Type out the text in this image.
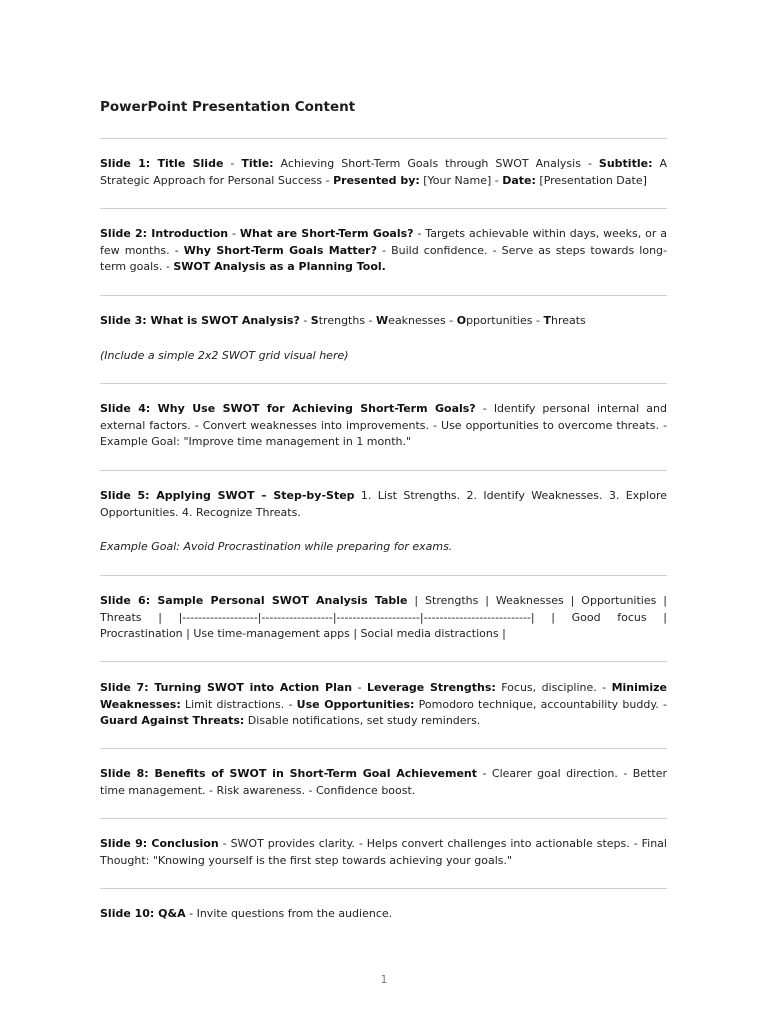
PowerPoint Presentation Content

Slide 1: Title Slide - Title: Achieving Short-Term Goals through SWOT Analysis - Subtitle: A Strategic Approach for Personal Success - Presented by: [Your Name] - Date: [Presentation Date]

Slide 2: Introduction - What are Short-Term Goals? - Targets achievable within days, weeks, or a few months. - Why Short-Term Goals Matter? - Build confidence. - Serve as steps towards long-term goals. - SWOT Analysis as a Planning Tool.

Slide 3: What is SWOT Analysis? - Strengths - Weaknesses - Opportunities - Threats

(Include a simple 2x2 SWOT grid visual here)

Slide 4: Why Use SWOT for Achieving Short-Term Goals? - Identify personal internal and external factors. - Convert weaknesses into improvements. - Use opportunities to overcome threats. - Example Goal: "Improve time management in 1 month."

Slide 5: Applying SWOT – Step-by-Step 1. List Strengths. 2. Identify Weaknesses. 3. Explore Opportunities. 4. Recognize Threats.

Example Goal: Avoid Procrastination while preparing for exams.

Slide 6: Sample Personal SWOT Analysis Table | Strengths | Weaknesses | Opportunities | Threats | |-------------------|------------------|---------------------|---------------------------| | Good focus | Procrastination | Use time-management apps | Social media distractions |

Slide 7: Turning SWOT into Action Plan - Leverage Strengths: Focus, discipline. - Minimize Weaknesses: Limit distractions. - Use Opportunities: Pomodoro technique, accountability buddy. - Guard Against Threats: Disable notifications, set study reminders.

Slide 8: Benefits of SWOT in Short-Term Goal Achievement - Clearer goal direction. - Better time management. - Risk awareness. - Confidence boost.

Slide 9: Conclusion - SWOT provides clarity. - Helps convert challenges into actionable steps. - Final Thought: "Knowing yourself is the first step towards achieving your goals."

Slide 10: Q&A - Invite questions from the audience.

1
